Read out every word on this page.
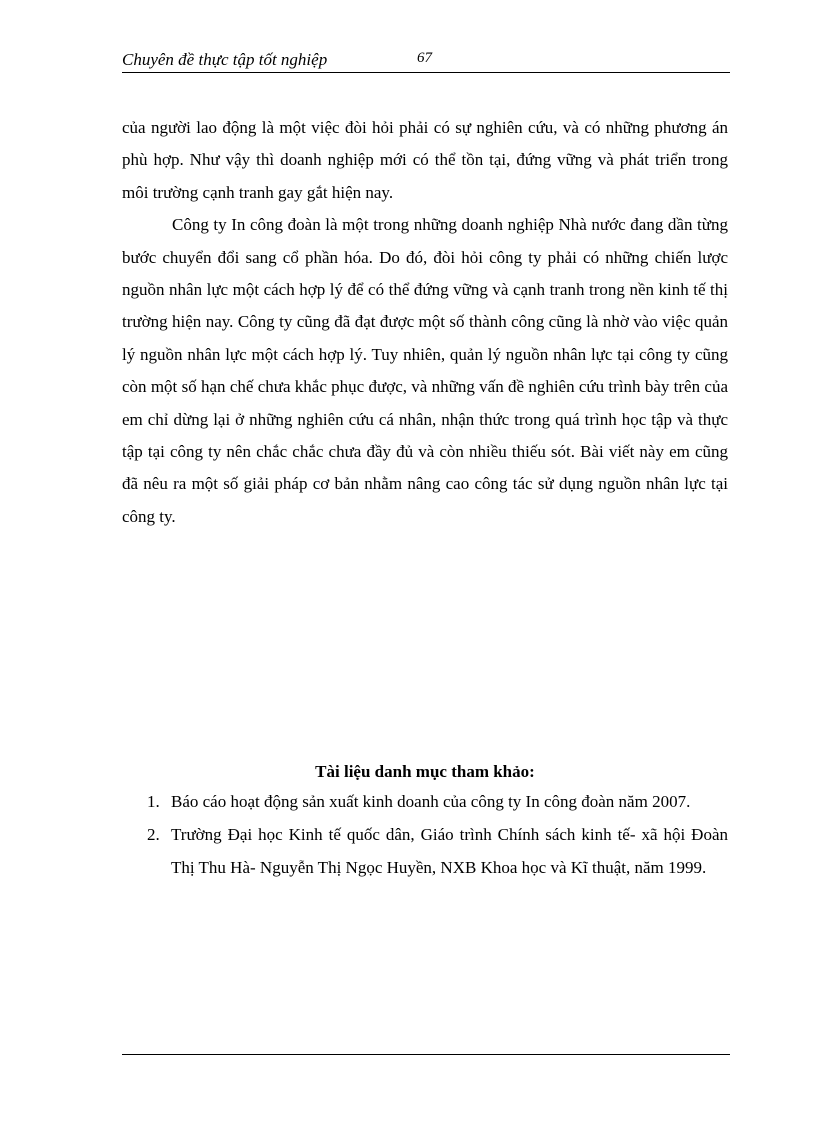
Chuyên đề thực tập tốt nghiệp	67

của người lao động là một việc đòi hỏi phải có sự nghiên cứu, và có những phương án phù hợp. Như vậy thì doanh nghiệp mới có thể tồn tại, đứng vững và phát triển trong môi trường cạnh tranh gay gắt hiện nay.

Công ty In công đoàn là một trong những doanh nghiệp Nhà nước đang dần từng bước chuyển đổi sang cổ phần hóa. Do đó, đòi hỏi công ty phải có những chiến lược nguồn nhân lực một cách hợp lý để có thể đứng vững và cạnh tranh trong nền kinh tế thị trường hiện nay. Công ty cũng đã đạt được một số thành công cũng là nhờ vào việc quản lý nguồn nhân lực một cách hợp lý. Tuy nhiên, quản lý nguồn nhân lực tại công ty cũng còn một số hạn chế chưa khắc phục được, và những vấn đề nghiên cứu trình bày trên của em chỉ dừng lại ở những nghiên cứu cá nhân, nhận thức trong quá trình học tập và thực tập tại công ty nên chắc chắc chưa đầy đủ và còn nhiều thiếu sót. Bài viết này em cũng đã nêu ra một số giải pháp cơ bản nhằm nâng cao công tác sử dụng nguồn nhân lực tại công ty.

Tài liệu danh mục tham khảo:
1. Báo cáo hoạt động sản xuất kinh doanh của công ty In công đoàn năm 2007.
2. Trường Đại học Kinh tế quốc dân, Giáo trình Chính sách kinh tế- xã hội Đoàn Thị Thu Hà- Nguyễn Thị Ngọc Huyền, NXB Khoa học và Kĩ thuật, năm 1999.
